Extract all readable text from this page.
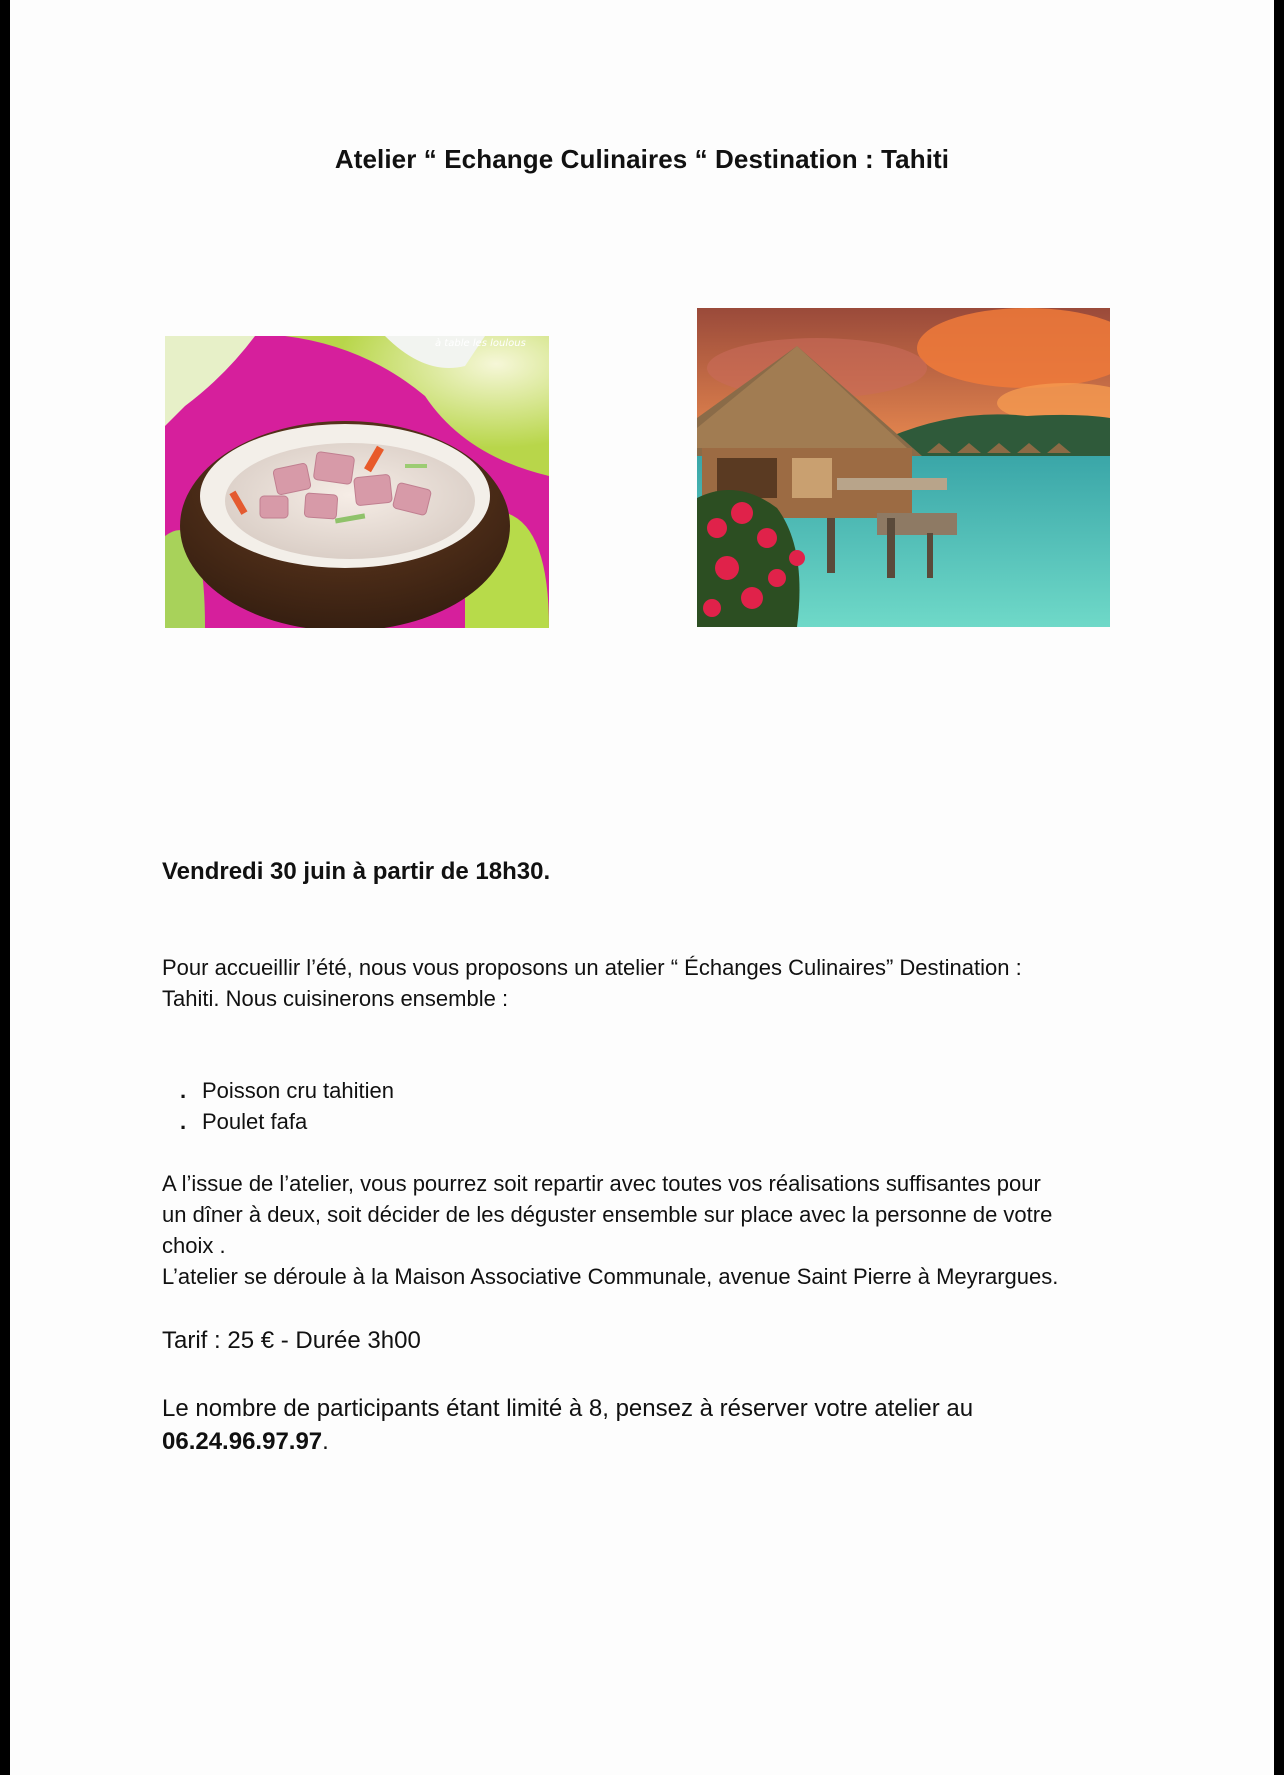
Atelier “ Echange Culinaires “ Destination : Tahiti
à table les loulous
Vendredi 30 juin à partir de 18h30.
Pour accueillir l’été, nous vous proposons un atelier “ Échanges Culinaires” Destination :
Tahiti. Nous cuisinerons ensemble :
. Poisson cru tahitien
. Poulet fafa
A l’issue de l’atelier, vous pourrez soit repartir avec toutes vos réalisations suffisantes pour
un dîner à deux, soit décider de les déguster ensemble sur place avec la personne de votre
choix .
L’atelier se déroule à la Maison Associative Communale, avenue Saint Pierre à Meyrargues.
Tarif : 25 € - Durée 3h00
Le nombre de participants étant limité à 8, pensez à réserver votre atelier au
06.24.96.97.97.
